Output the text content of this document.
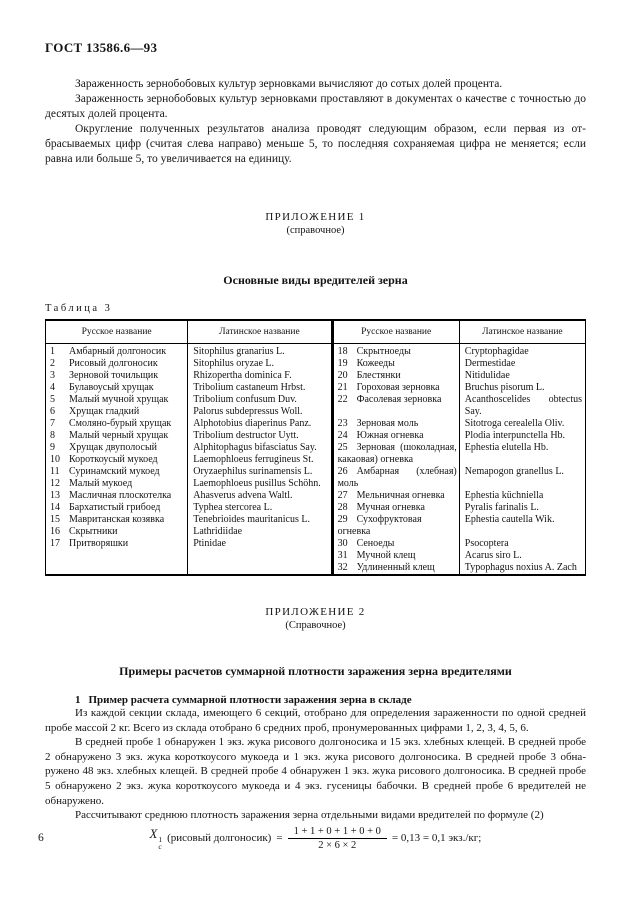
ГОСТ 13586.6—93

Зараженность зернобобовых культур зерновками вычисляют до сотых долей процента.

Зараженность зернобобовых культур зерновками проставляют в документах о качестве с точностью до десятых долей процента.

Округление полученных результатов анализа проводят следующим образом, если первая из отбрасываемых цифр (считая слева направо) меньше 5, то последняя сохраняемая цифра не меняется; если равна или больше 5, то увеличивается на единицу.

ПРИЛОЖЕНИЕ 1
(справочное)
Основные виды вредителей зерна
Таблица 3
Русское название	Латинское название
1 Амбарный долгоносик	Sitophilus granarius L.
2 Рисовый долгоносик	Sitophilus oryzae L.
3 Зерновой точильщик	Rhizopertha dominica F.
4 Булавоусый хрущак	Tribolium castaneum Hrbst.
5 Малый мучной хрущак	Tribolium confusum Duv.
6 Хрущак гладкий	Palorus subdepressus Woll.
7 Смоляно-бурый хрущак	Alphotobius diaperinus Panz.
8 Малый черный хрущак	Tribolium destructor Uytt.
9 Хрущак двуполосый	Alphitophagus bifasciatus Say.
10 Короткоусый мукоед	Laemophloeus ferrugineus St.
11 Суринамский мукоед	Oryzaephilus surinamensis L.
12 Малый мукоед	Laemophloeus pusillus Schöhn.
13 Масличная плоскотелка	Ahasverus advena Waltl.
14 Бархатистый грибоед	Typhea stercorea L.
15 Мавританская козявка	Tenebrioides mauritanicus L.
16 Скрытники	Lathridiidae
17 Притворяшки	Ptinidae

Русское название	Латинское название
18 Скрытноеды	Cryptophagidae
19 Кожееды	Dermestidae
20 Блестянки	Nitidulidae
21 Гороховая зерновка	Bruchus pisorum L.
22 Фасолевая зерновка	Acanthoscelides obtectus Say.
23 Зерновая моль	Sitotroga cerealella Oliv.
24 Южная огневка	Plodia interpunctella Hb.
25 Зерновая (шоколадная, какаовая) огневка	Ephestia elutella Hb.
26 Амбарная (хлебная) моль	Nemapogon granellus L.
27 Мельничная огневка	Ephestia küchniella
28 Мучная огневка	Pyralis farinalis L.
29 Сухофруктовая огневка	Ephestia cautella Wik.
30 Сеноеды	Psocoptera
31 Мучной клещ	Acarus siro L.
32 Удлиненный клещ	Typophagus noxius A. Zach
ПРИЛОЖЕНИЕ 2
(Справочное)
Примеры расчетов суммарной плотности заражения зерна вредителями
1 Пример расчета суммарной плотности заражения зерна в складе

Из каждой секции склада, имеющего 6 секций, отобрано для определения зараженности по одной средней пробе массой 2 кг. Всего из склада отобрано 6 средних проб, пронумерованных цифрами 1, 2, 3, 4, 5, 6.

В средней пробе 1 обнаружен 1 экз. жука рисового долгоносика и 15 экз. хлебных клещей. В средней пробе 2 обнаружено 3 экз. жука короткоусого мукоеда и 1 экз. жука рисового долгоносика. В средней пробе 3 обнаружено 48 экз. хлебных клещей. В средней пробе 4 обнаружен 1 экз. жука рисового долгоносика. В средней пробе 5 обнаружено 2 экз. жука короткоусого мукоеда и 4 экз. гусеницы бабочки. В средней пробе 6 вредителей не обнаружено.

Рассчитывают среднюю плотность заражения зерна отдельными видами вредителей по формуле (2)

X 1
с
(рисовый долгоносик) = $\frac{1 + 1 + 0 + 1 + 0 + 0}{2 \times 6 \times 2} = 0,13 = 0,1$ экз./кг;
6
